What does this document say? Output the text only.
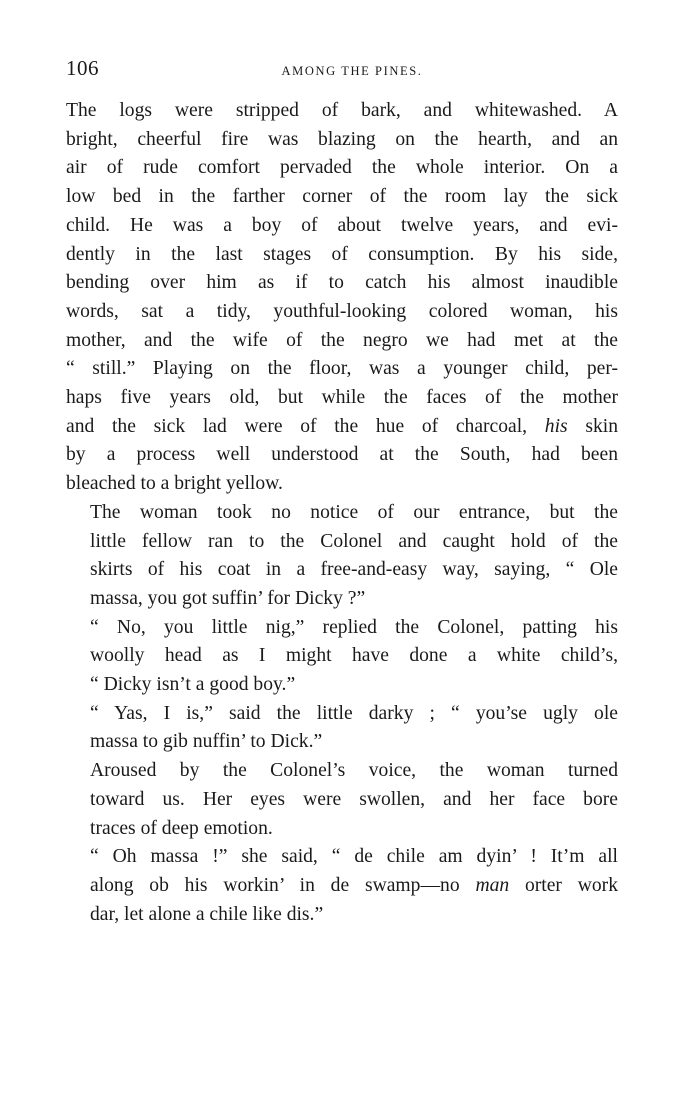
106	AMONG THE PINES.

The logs were stripped of bark, and whitewashed. A
bright, cheerful fire was blazing on the hearth, and an
air of rude comfort pervaded the whole interior. On a
low bed in the farther corner of the room lay the sick
child. He was a boy of about twelve years, and evi-
dently in the last stages of consumption. By his side,
bending over him as if to catch his almost inaudible
words, sat a tidy, youthful-looking colored woman, his
mother, and the wife of the negro we had met at the
“ still.” Playing on the floor, was a younger child, per-
haps five years old, but while the faces of the mother
and the sick lad were of the hue of charcoal, his skin
by a process well understood at the South, had been
bleached to a bright yellow.

The woman took no notice of our entrance, but the
little fellow ran to the Colonel and caught hold of the
skirts of his coat in a free-and-easy way, saying, “ Ole
massa, you got suffin’ for Dicky ?”

“ No, you little nig,” replied the Colonel, patting his
woolly head as I might have done a white child’s,
“ Dicky isn’t a good boy.”

“ Yas, I is,” said the little darky ; “ you’se ugly ole
massa to gib nuffin’ to Dick.”

Aroused by the Colonel’s voice, the woman turned
toward us. Her eyes were swollen, and her face bore
traces of deep emotion.

“ Oh massa !” she said, “ de chile am dyin’ ! It’m all
along ob his workin’ in de swamp—no man orter work
dar, let alone a chile like dis.”
